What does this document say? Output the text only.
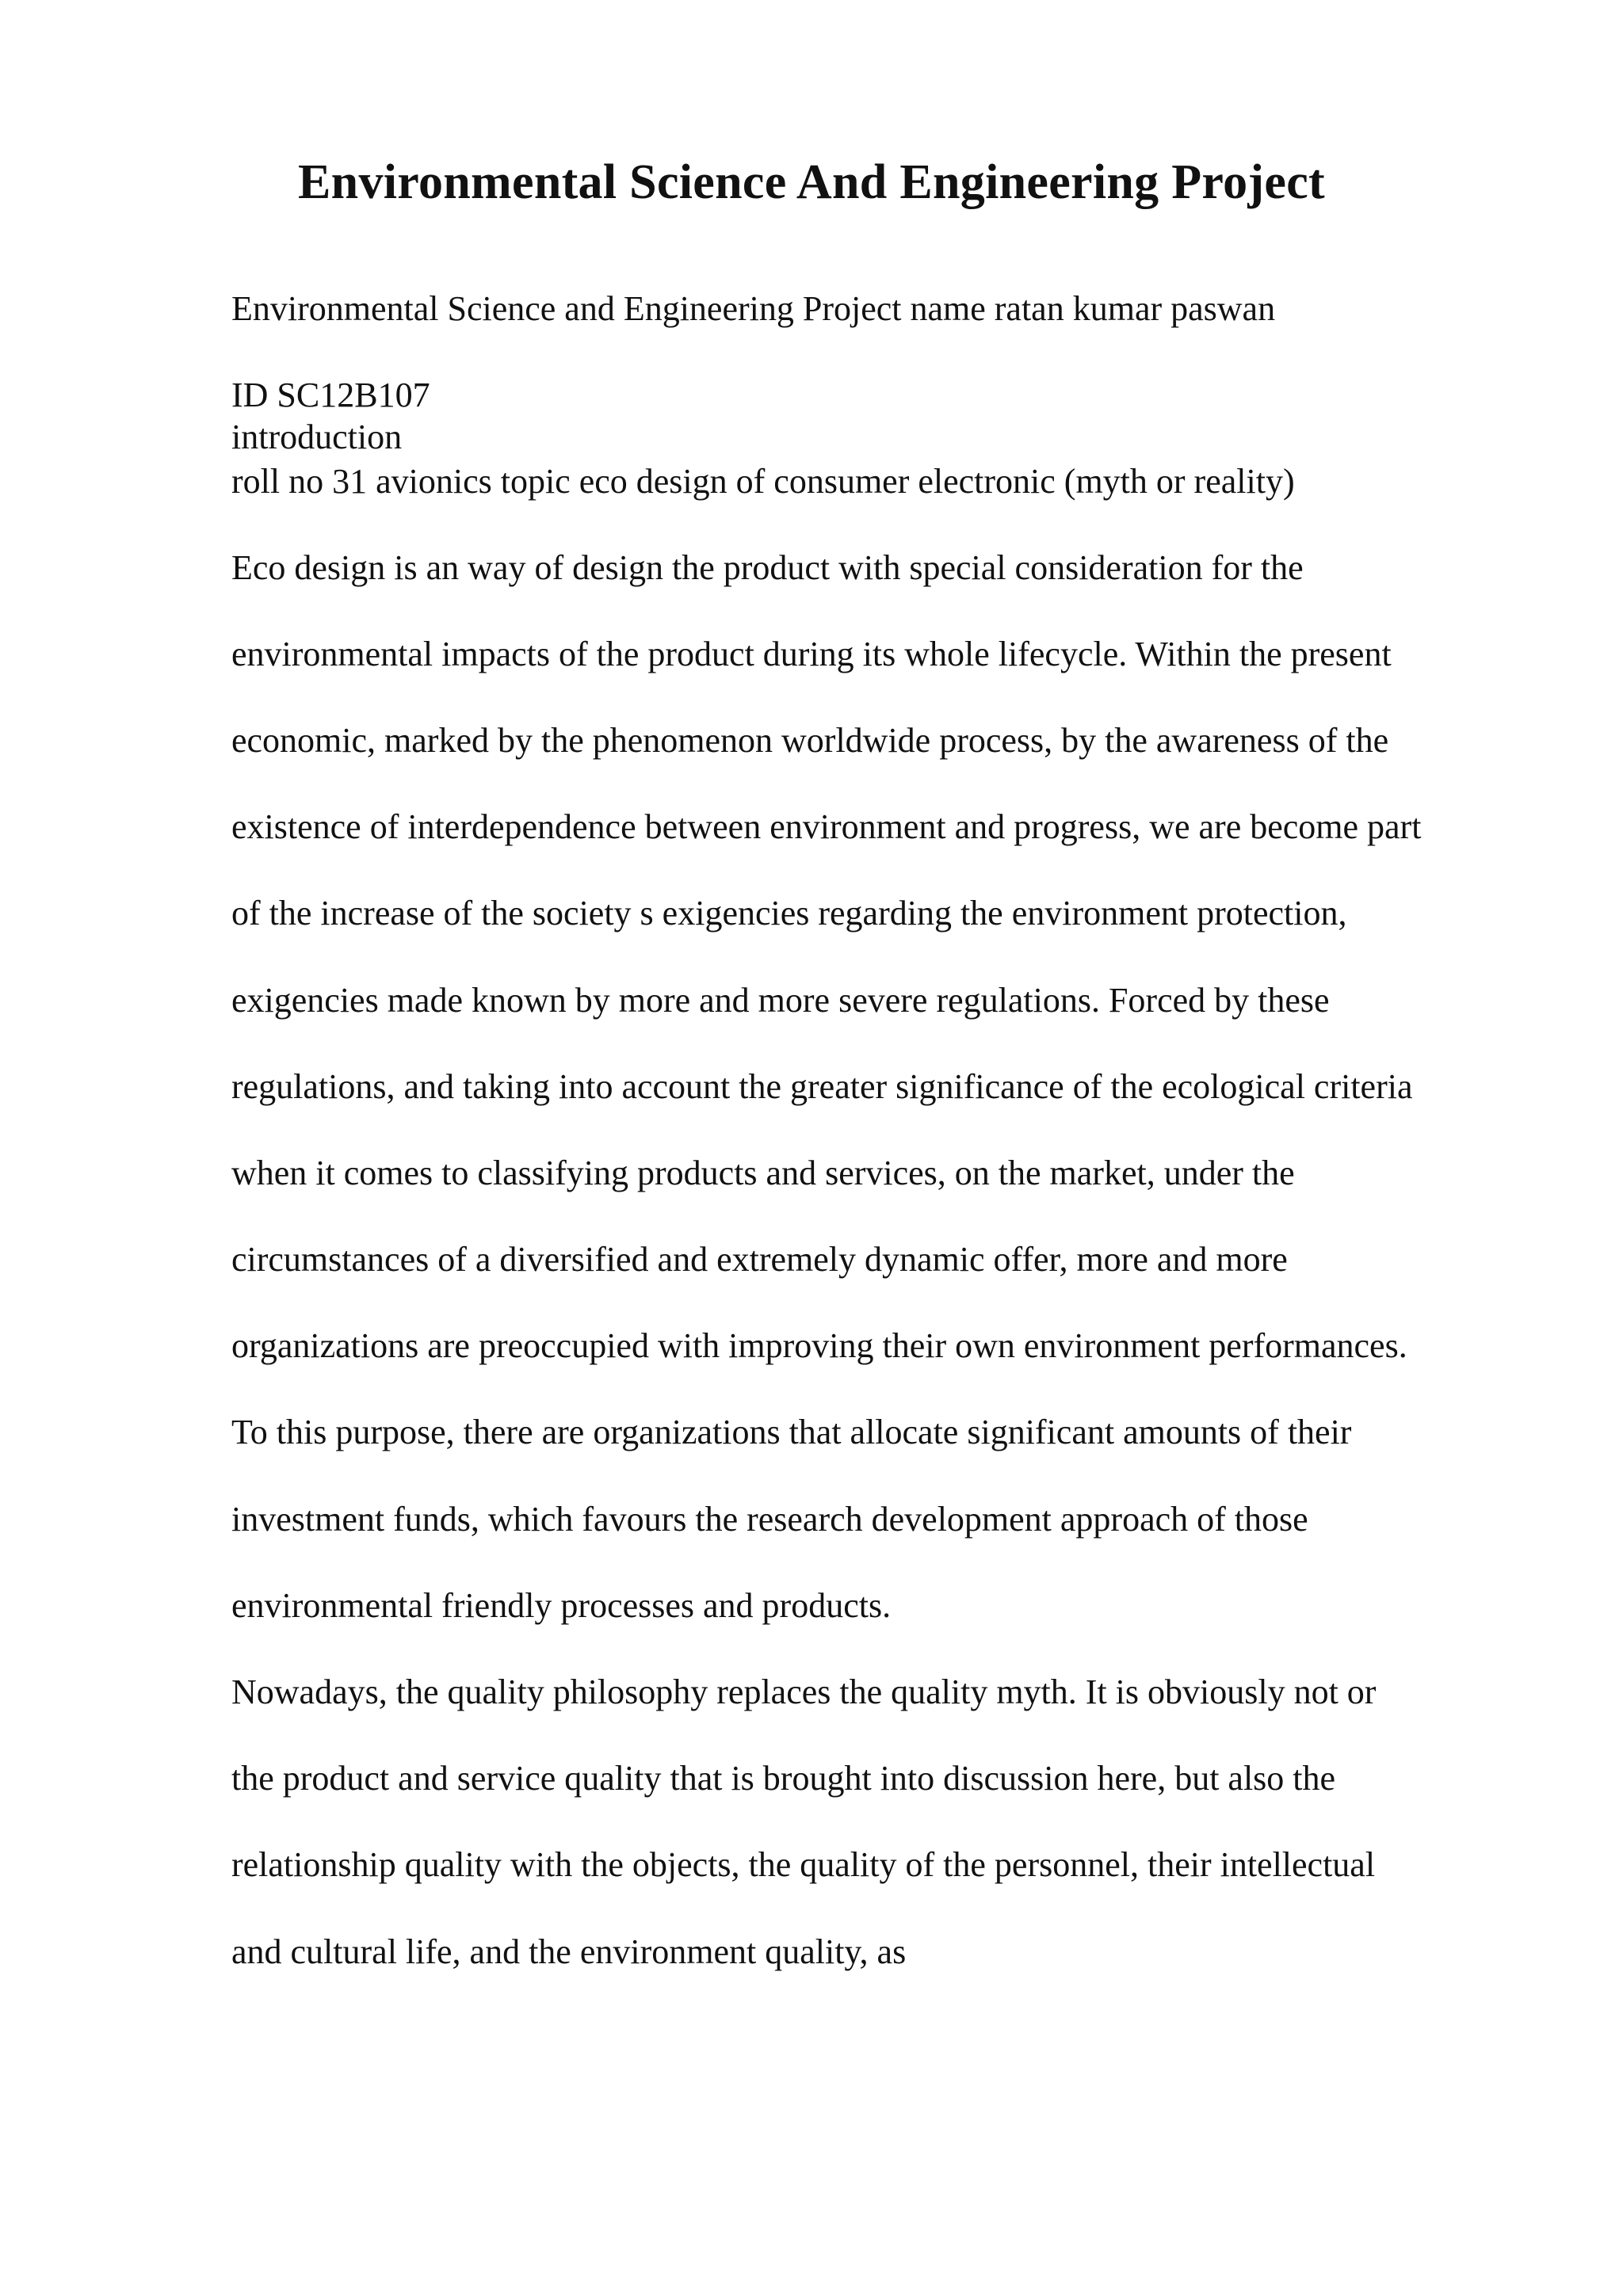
Environmental Science And Engineering Project

Environmental Science and Engineering Project name ratan kumar paswan

ID SC12B107

roll no 31 avionics topic eco design of consumer electronic (myth or reality)

introduction

Eco design is an way of design the product with special consideration for the

environmental impacts of the product during its whole lifecycle. Within the present

economic, marked by the phenomenon worldwide process, by the awareness of the

existence of interdependence between environment and progress, we are become part

of the increase of the society s exigencies regarding the environment protection,

exigencies made known by more and more severe regulations. Forced by these

regulations, and taking into account the greater significance of the ecological criteria

when it comes to classifying products and services, on the market, under the

circumstances of a diversified and extremely dynamic offer, more and more

organizations are preoccupied with improving their own environment performances.

To this purpose, there are organizations that allocate significant amounts of their

investment funds, which favours the research development approach of those

environmental friendly processes and products.

Nowadays, the quality philosophy replaces the quality myth. It is obviously not or

the product and service quality that is brought into discussion here, but also the

relationship quality with the objects, the quality of the personnel, their intellectual

and cultural life, and the environment quality, as
